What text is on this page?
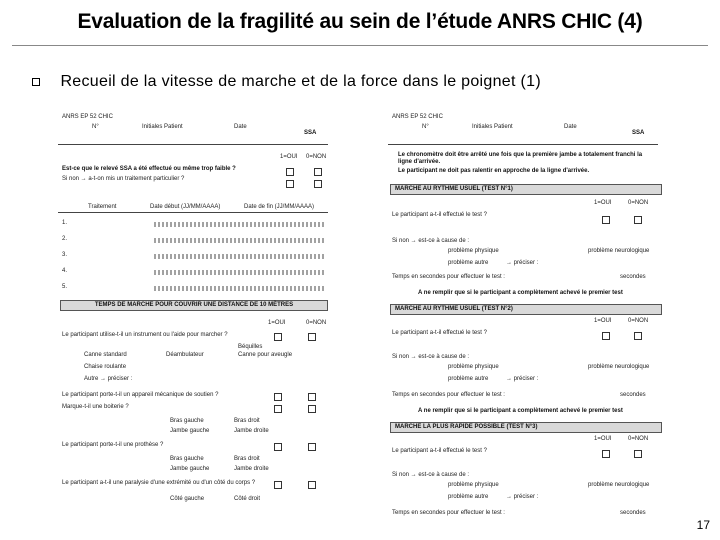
Evaluation de la fragilité au sein de l’étude ANRS CHIC (4)
Recueil de la vitesse de marche et de la force dans le poignet (1)
ANRS EP 52 CHIC
N°	Initiales Patient	Date
SSA
1=OUI 0=NON
Est-ce que le relevé SSA a été effectué ou même trop faible ?
Si non → a-t-on mis un traitement particulier ?
Traitement	Date début (JJ/MM/AAAA)	Date de fin (JJ/MM/AAAA)
1.
2.
3.
4.
5.
TEMPS DE MARCHE POUR COUVRIR UNE DISTANCE DE 10 MÈTRES
1=OUI	0=NON
Le participant utilise-t-il un instrument ou l'aide pour marcher ?
Canne standard	Déambulateur
Béquilles
Canne pour aveugle
Chaise roulante
Autre → préciser :
Le participant porte-t-il un appareil mécanique de soutien ?
Marque-t-il une boiterie ?
Bras gauche	Bras droit
Jambe gauche	Jambe droite
Le participant porte-t-il une prothèse ?
Bras gauche	Bras droit
Jambe gauche	Jambe droite
Le participant a-t-il une paralysie d'une extrémité ou d'un côté du corps ?
Côté gauche	Côté droit
ANRS EP 52 CHIC
N°	Initiales Patient	Date
SSA
Le chronomètre doit être arrêté une fois que la première jambe a totalement franchi la ligne d'arrivée.
Le participant ne doit pas ralentir en approche de la ligne d'arrivée.
MARCHE AU RYTHME USUEL (TEST N°1)
1=OUI	0=NON
Le participant a-t-il effectué le test ?
Si non → est-ce à cause de :
problème physique	problème neurologique
problème autre	→ préciser :
Temps en secondes pour effectuer le test :	secondes
A ne remplir que si le participant a complètement achevé le premier test
MARCHE AU RYTHME USUEL (TEST N°2)
1=OUI	0=NON
Le participant a-t-il effectué le test ?
Si non → est-ce à cause de :
problème physique	problème neurologique
problème autre	→ préciser :
Temps en secondes pour effectuer le test :	secondes
A ne remplir que si le participant a complètement achevé le premier test
MARCHE LA PLUS RAPIDE POSSIBLE (TEST N°3)
1=OUI	0=NON
Le participant a-t-il effectué le test ?
Si non → est-ce à cause de :
problème physique	problème neurologique
problème autre	→ préciser :
Temps en secondes pour effectuer le test :	secondes
17
